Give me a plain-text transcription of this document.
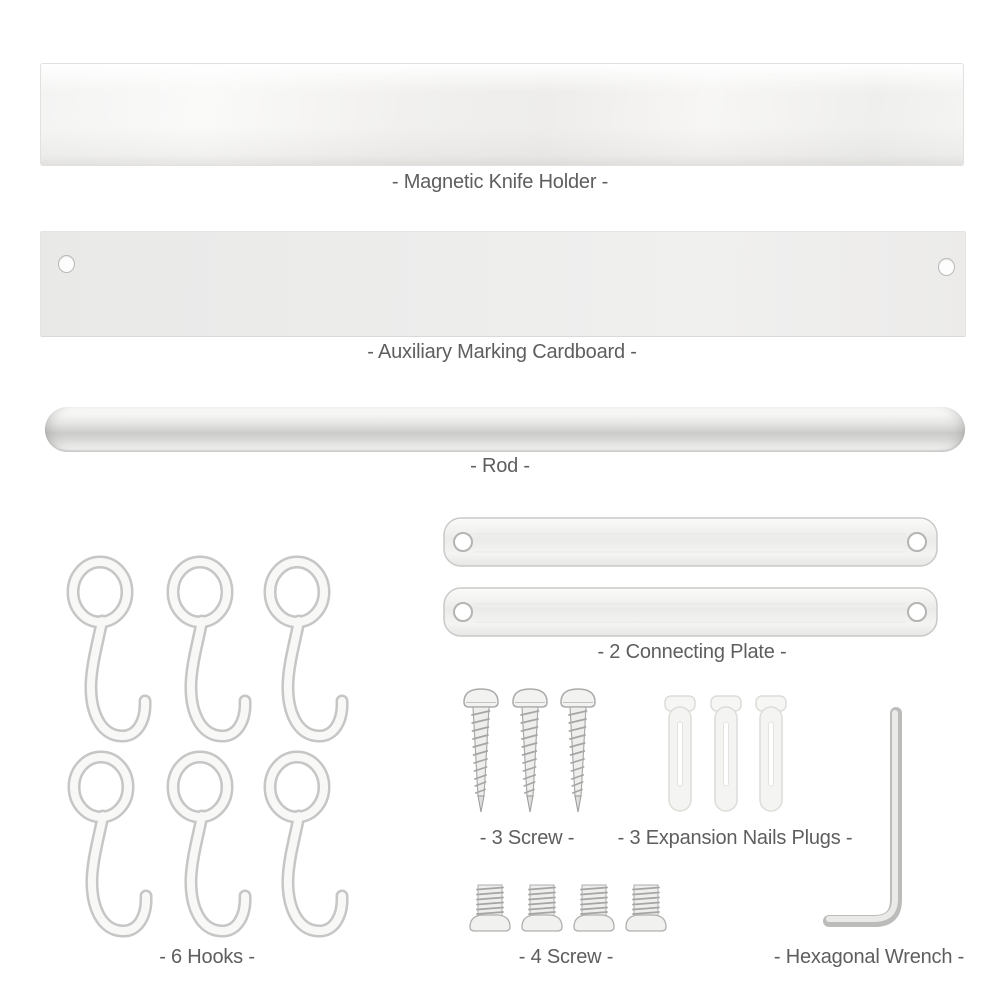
- Magnetic Knife Holder -
- Auxiliary Marking Cardboard -
- Rod -
- 2 Connecting Plate -
- 6 Hooks -
- 3 Screw - - 3 Expansion Nails Plugs -
- 4 Screw -	- Hexagonal Wrench -
